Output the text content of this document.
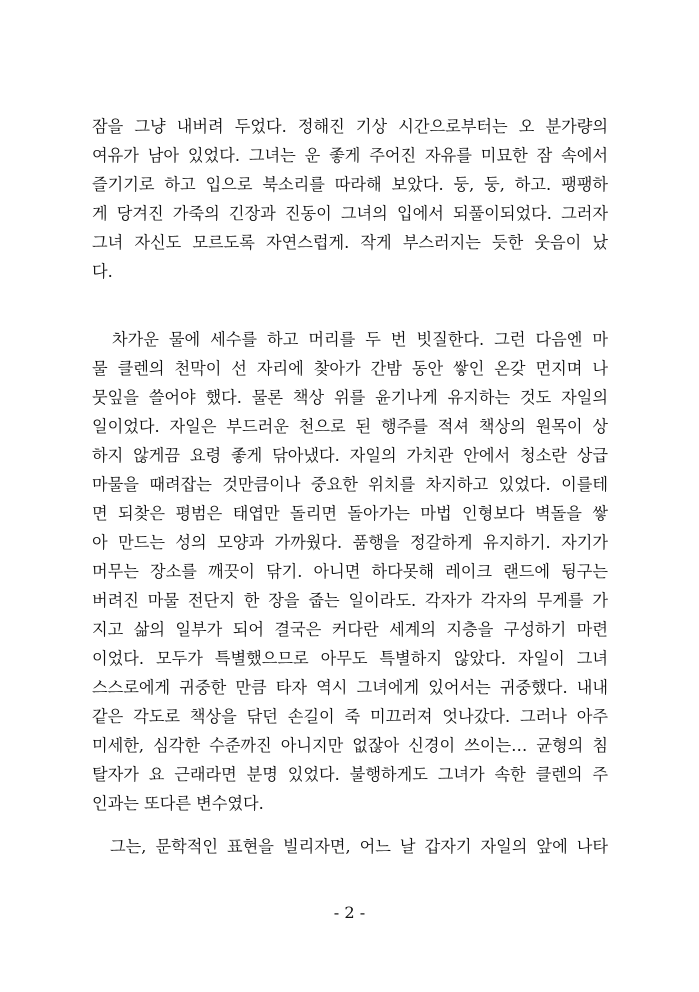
잠을 그냥 내버려 두었다. 정해진 기상 시간으로부터는 오 분가량의
여유가 남아 있었다. 그녀는 운 좋게 주어진 자유를 미묘한 잠 속에서
즐기기로 하고 입으로 북소리를 따라해 보았다. 둥, 둥, 하고. 팽팽하
게 당겨진 가죽의 긴장과 진동이 그녀의 입에서 되풀이되었다. 그러자
그녀 자신도 모르도록 자연스럽게. 작게 부스러지는 듯한 웃음이 났
다.
차가운 물에 세수를 하고 머리를 두 번 빗질한다. 그런 다음엔 마
물 클렌의 천막이 선 자리에 찾아가 간밤 동안 쌓인 온갖 먼지며 나
뭇잎을 쓸어야 했다. 물론 책상 위를 윤기나게 유지하는 것도 자일의
일이었다. 자일은 부드러운 천으로 된 행주를 적셔 책상의 원목이 상
하지 않게끔 요령 좋게 닦아냈다. 자일의 가치관 안에서 청소란 상급
마물을 때려잡는 것만큼이나 중요한 위치를 차지하고 있었다. 이를테
면 되찾은 평범은 태엽만 돌리면 돌아가는 마법 인형보다 벽돌을 쌓
아 만드는 성의 모양과 가까웠다. 품행을 정갈하게 유지하기. 자기가
머무는 장소를 깨끗이 닦기. 아니면 하다못해 레이크 랜드에 뒹구는
버려진 마물 전단지 한 장을 줍는 일이라도. 각자가 각자의 무게를 가
지고 삶의 일부가 되어 결국은 커다란 세계의 지층을 구성하기 마련
이었다. 모두가 특별했으므로 아무도 특별하지 않았다. 자일이 그녀
스스로에게 귀중한 만큼 타자 역시 그녀에게 있어서는 귀중했다. 내내
같은 각도로 책상을 닦던 손길이 죽 미끄러져 엇나갔다. 그러나 아주
미세한, 심각한 수준까진 아니지만 없잖아 신경이 쓰이는… 균형의 침
탈자가 요 근래라면 분명 있었다. 불행하게도 그녀가 속한 클렌의 주
인과는 또다른 변수였다.
그는, 문학적인 표현을 빌리자면, 어느 날 갑자기 자일의 앞에 나타
- 2 -
